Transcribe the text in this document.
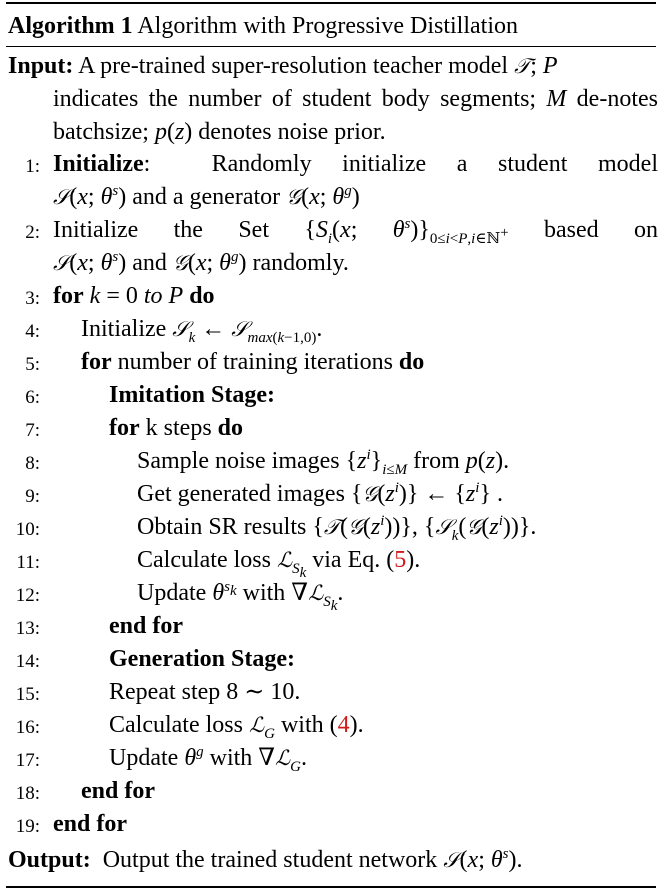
Algorithm 1 Algorithm with Progressive Distillation
Input: A pre-trained super-resolution teacher model 𝒯; P
indicates the number of student body segments; M de-notes batchsize; p(z) denotes noise prior.
1: Initialize:  Randomly initialize a student model
𝒮(x; $\theta^s$) and a generator 𝒢(x; $\theta^g$)
2: Initialize the Set {$S_i(x$; $\theta^s)\}_{0\le i<P,i\in ℕ^+}$ based on
𝒮(x; $\theta^s$) and 𝒢(x; $\theta^g$) randomly.
3: for k = 0 to P do
4: Initialize 𝒮$_k$ ← 𝒮$_{max(k-1,0)}$.
5: for number of training iterations do
6:	Imitation Stage:
7:	for k steps do
8:	Sample noise images $\{z^i\}_{i\le M}$ from p(z).
9:	Get generated images $\{𝒢(z^i)\}$ ← $\{z^i\}$ .
10:	Obtain SR results $\{𝒯(𝒢(z^i))\}$, $\{𝒮_k(𝒢(z^i))\}$.
11:	Calculate loss ℒ$_{S_k}$ via Eq. (5).
12:	Update $\theta^{s_k}$ with ∇ℒ$_{S_k}$.
13:	end for
14:	Generation Stage:
15:	Repeat step 8 ∼ 10.
16:	Calculate loss ℒ$_G$ with (4).
17:	Update $\theta^g$ with ∇ℒ$_G$.
18: end for
19: end for
Output:  Output the trained student network 𝒮(x; $\theta^s$).
